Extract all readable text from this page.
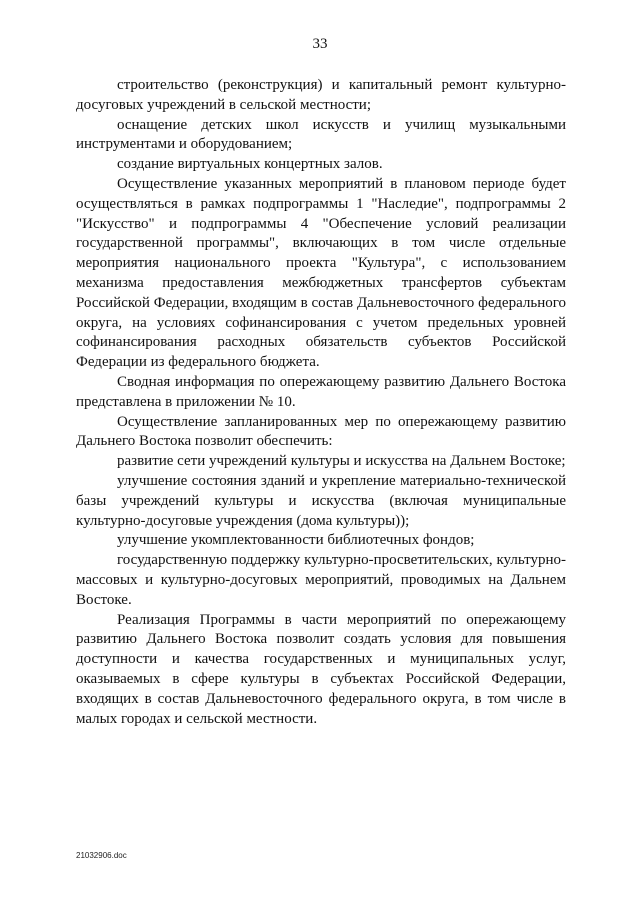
33

строительство (реконструкция) и капитальный ремонт культурно-досуговых учреждений в сельской местности;

оснащение детских школ искусств и училищ музыкальными инструментами и оборудованием;

создание виртуальных концертных залов.

Осуществление указанных мероприятий в плановом периоде будет осуществляться в рамках подпрограммы 1 "Наследие", подпрограммы 2 "Искусство" и подпрограммы 4 "Обеспечение условий реализации государственной программы", включающих в том числе отдельные мероприятия национального проекта "Культура", с использованием механизма предоставления межбюджетных трансфертов субъектам Российской Федерации, входящим в состав Дальневосточного федерального округа, на условиях софинансирования с учетом предельных уровней софинансирования расходных обязательств субъектов Российской Федерации из федерального бюджета.

Сводная информация по опережающему развитию Дальнего Востока представлена в приложении № 10.

Осуществление запланированных мер по опережающему развитию Дальнего Востока позволит обеспечить:

развитие сети учреждений культуры и искусства на Дальнем Востоке;

улучшение состояния зданий и укрепление материально-технической базы учреждений культуры и искусства (включая муниципальные культурно-досуговые учреждения (дома культуры));

улучшение укомплектованности библиотечных фондов;

государственную поддержку культурно-просветительских, культурно-массовых и культурно-досуговых мероприятий, проводимых на Дальнем Востоке.

Реализация Программы в части мероприятий по опережающему развитию Дальнего Востока позволит создать условия для повышения доступности и качества государственных и муниципальных услуг, оказываемых в сфере культуры в субъектах Российской Федерации, входящих в состав Дальневосточного федерального округа, в том числе в малых городах и сельской местности.

21032906.doc
